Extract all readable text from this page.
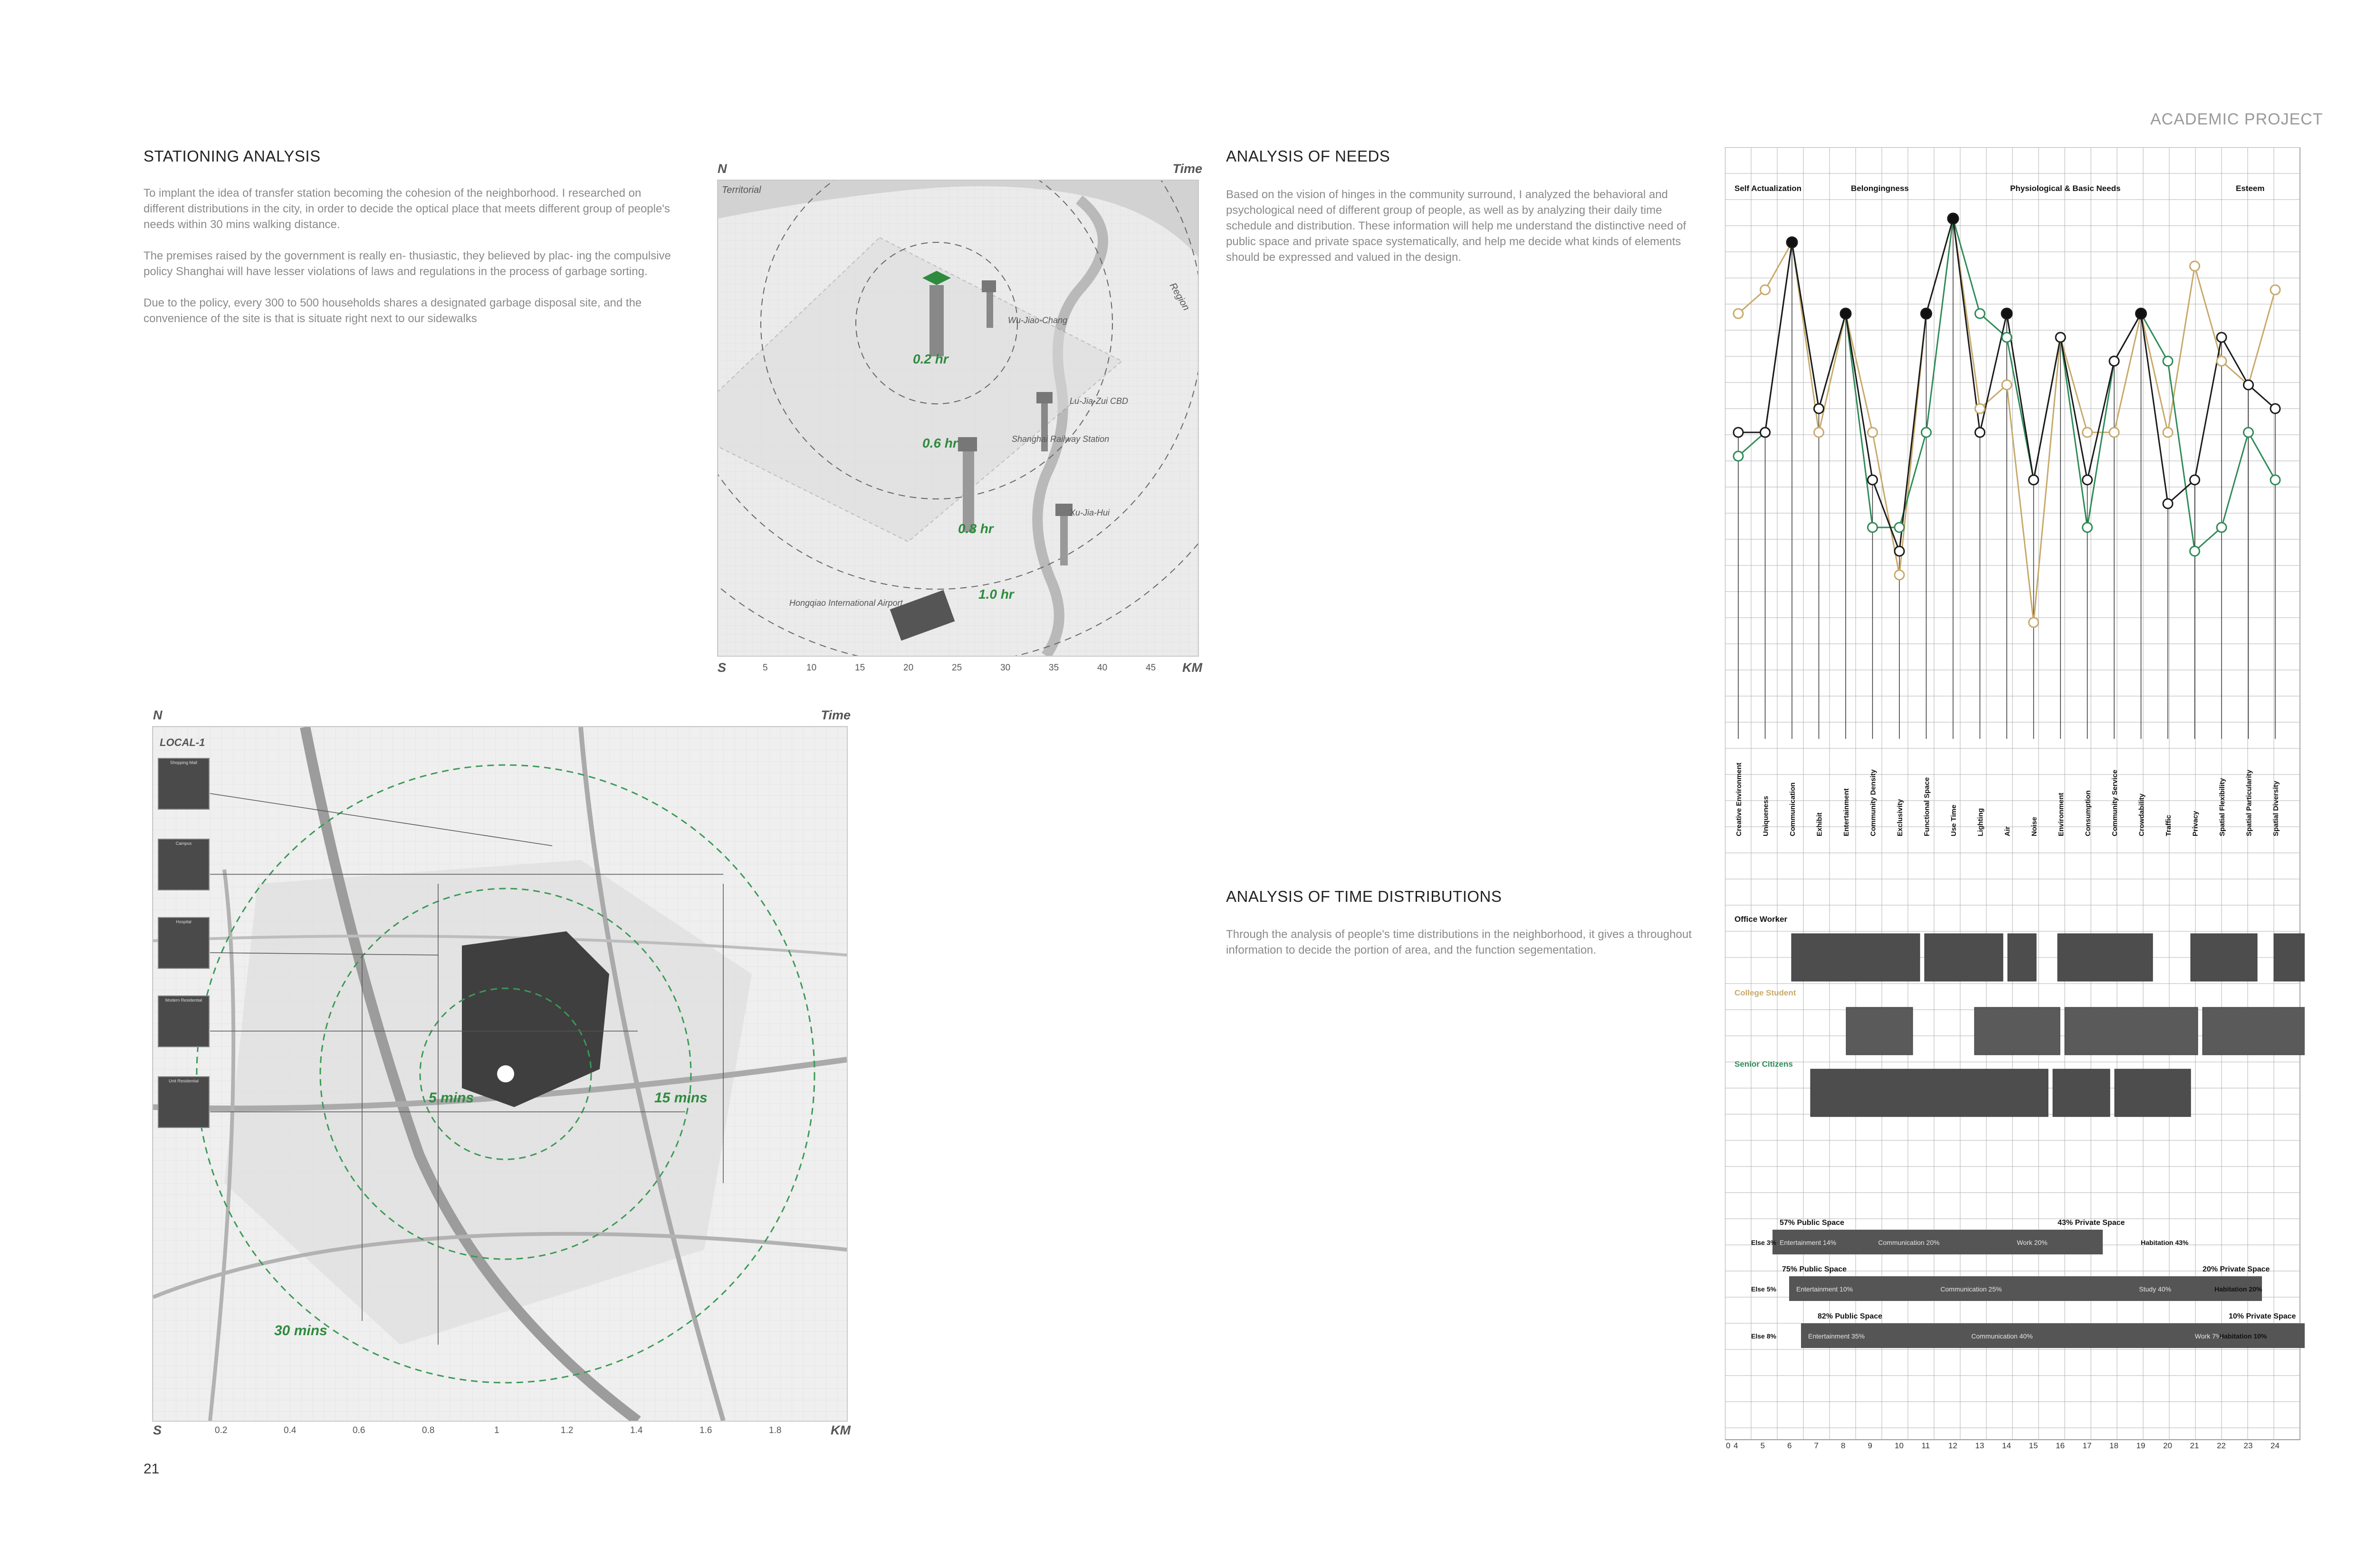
ACADEMIC PROJECT
STATIONING ANALYSIS

To implant the idea of transfer station becoming the cohesion of the neighborhood. I researched on different distributions in the city, in order to decide the optical place that meets different group of people's needs within 30 mins walking distance.

The premises raised by the government is really en- thusiastic, they believed by plac- ing the compulsive policy Shanghai will have lesser violations of laws and regulations in the process of garbage sorting.

Due to the policy, every 300 to 500 households shares a designated garbage disposal site, and the convenience of the site is that is situate right next to our sidewalks

ANALYSIS OF NEEDS
Based on the vision of hinges in the community surround, I analyzed the behavioral and psychological need of different group of people, as well as by analyzing their daily time schedule and distribution. These information will help me understand the distinctive need of public space and private space systematically, and help me decide what kinds of elements should be expressed and valued in the design.
ANALYSIS OF TIME DISTRIBUTIONS
Through the analysis of people's time distributions in the neighborhood, it gives a throughout information to decide the portion of area, and the function segementation.
N	Time
Territorial
Region
0.2 hr
0.6 hr
0.8 hr
1.0 hr
Wu-Jiao-Chang
Lu-Jia-Zui CBD
Shanghai Railway Station
Xu-Jia-Hui
Hongqiao International Airport
S	KM
5	10	15	20	25	30	35	40	45
N	Time
5 mins	15 mins
30 mins
LOCAL-1
Shopping Mall
Campus
Hospital
Modern Residential
Unit Residential
S	KM
0.2	0.4	0.6	0.8	1	1.2	1.4	1.6	1.8
21
Self Actualization	Belongingness	Physiological & Basic Needs	Esteem
Creative Environment	Uniqueness	Communication	Exhibit	Entertainment	Community Density	Exclusivity	Functional Space	Use Time	Lighting	Air	Noise	Environment	Consumption	Community Service	Crowdability	Traffic	Privacy	Spatial Flexibility	Spatial Particularity	Spatial Diversity
Office Worker
College Student
Senior Citizens
57% Public Space	43% Private Space
Else 3% Entertainment 14%	Communication 20%	Work 20%	Habitation 43%
75% Public Space	20% Private Space
Else 5%	Entertainment 10%	Communication 25%	Study 40%	Habitation 20%
82% Public Space	10% Private Space
Else 8%	Entertainment 35%	Communication 40%	Work 7%
Habitation 10%
0 4	5	6	7	8	9	10 11 12 13 14 15 16 17 18 19 20 21 22 23 24
